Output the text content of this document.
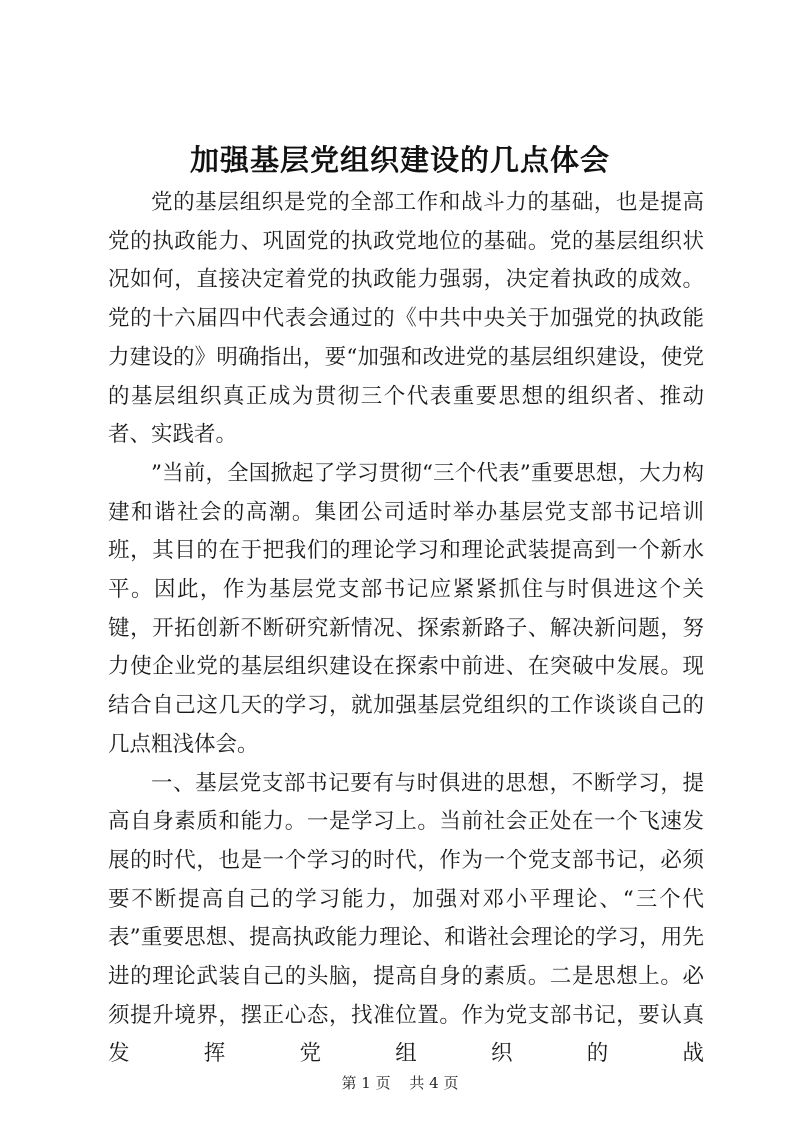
加强基层党组织建设的几点体会

党的基层组织是党的全部工作和战斗力的基础，也是提高党的执政能力、巩固党的执政党地位的基础。党的基层组织状况如何，直接决定着党的执政能力强弱，决定着执政的成效。党的十六届四中代表会通过的《中共中央关于加强党的执政能力建设的》明确指出，要“加强和改进党的基层组织建设，使党的基层组织真正成为贯彻三个代表重要思想的组织者、推动者、实践者。

”当前，全国掀起了学习贯彻“三个代表”重要思想，大力构建和谐社会的高潮。集团公司适时举办基层党支部书记培训班，其目的在于把我们的理论学习和理论武装提高到一个新水平。因此，作为基层党支部书记应紧紧抓住与时俱进这个关键，开拓创新不断研究新情况、探索新路子、解决新问题，努力使企业党的基层组织建设在探索中前进、在突破中发展。现结合自己这几天的学习，就加强基层党组织的工作谈谈自己的几点粗浅体会。

一、基层党支部书记要有与时俱进的思想，不断学习，提高自身素质和能力。一是学习上。当前社会正处在一个飞速发展的时代，也是一个学习的时代，作为一个党支部书记，必须要不断提高自己的学习能力，加强对邓小平理论、“三个代表”重要思想、提高执政能力理论、和谐社会理论的学习，用先进的理论武装自己的头脑，提高自身的素质。二是思想上。必须提升境界，摆正心态，找准位置。作为党支部书记，要认真发挥党组织的战

第 1 页 共 4 页
